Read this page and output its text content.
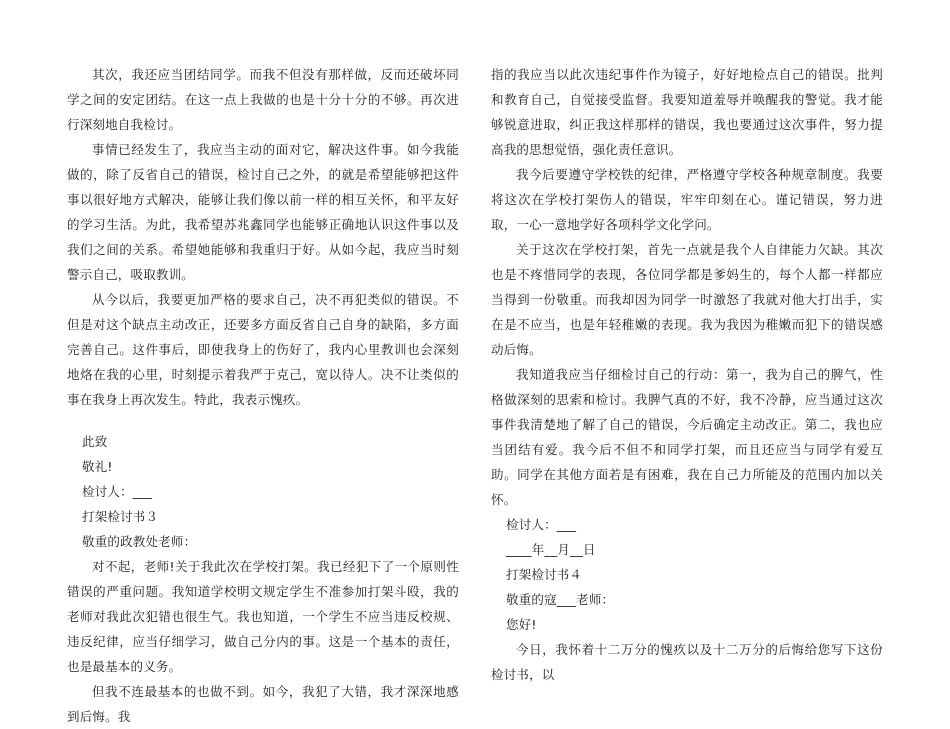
其次，我还应当团结同学。而我不但没有那样做，反而还破坏同学之间的安定团结。在这一点上我做的也是十分十分的不够。再次进行深刻地自我检讨。

事情已经发生了，我应当主动的面对它，解决这件事。如今我能做的，除了反省自己的错误，检讨自己之外，的就是希望能够把这件事以很好地方式解决，能够让我们像以前一样的相互关怀，和平友好的学习生活。为此，我希望苏兆鑫同学也能够正确地认识这件事以及我们之间的关系。希望她能够和我重归于好。从如今起，我应当时刻警示自己，吸取教训。

从今以后，我要更加严格的要求自己，决不再犯类似的错误。不但是对这个缺点主动改正，还要多方面反省自己自身的缺陷，多方面完善自己。这件事后，即使我身上的伤好了，我内心里教训也会深刻地烙在我的心里，时刻提示着我严于克己，宽以待人。决不让类似的事在我身上再次发生。特此，我表示愧疚。

此致

敬礼!

检讨人：___

打架检讨书３

敬重的政教处老师：

对不起，老师!关于我此次在学校打架。我已经犯下了一个原则性错误的严重问题。我知道学校明文规定学生不准参加打架斗殴，我的老师对我此次犯错也很生气。我也知道，一个学生不应当违反校规、违反纪律，应当仔细学习，做自己分内的事。这是一个基本的责任，也是最基本的义务。

但我不连最基本的也做不到。如今，我犯了大错，我才深深地感到后悔。我

指的我应当以此次违纪事件作为镜子，好好地检点自己的错误。批判和教育自己，自觉接受监督。我要知道羞辱并唤醒我的警觉。我才能够锐意进取，纠正我这样那样的错误，我也要通过这次事件，努力提高我的思想觉悟，强化责任意识。

我今后要遵守学校铁的纪律，严格遵守学校各种规章制度。我要将这次在学校打架伤人的错误，牢牢印刻在心。谨记错误，努力进取，一心一意地学好各项科学文化学问。

关于这次在学校打架，首先一点就是我个人自律能力欠缺。其次也是不疼惜同学的表现，各位同学都是爹妈生的，每个人都一样都应当得到一份敬重。而我却因为同学一时激怒了我就对他大打出手，实在是不应当，也是年轻稚嫩的表现。我为我因为稚嫩而犯下的错误感动后悔。

我知道我应当仔细检讨自己的行动：第一，我为自己的脾气，性格做深刻的思索和检讨。我脾气真的不好，我不冷静，应当通过这次事件我清楚地了解了自己的错误，今后确定主动改正。第二，我也应当团结有爱。我今后不但不和同学打架，而且还应当与同学有爱互助。同学在其他方面若是有困难，我在自己力所能及的范围内加以关怀。

检讨人：___

____年__月__日

打架检讨书４

敬重的寇___老师：

您好!

今日，我怀着十二万分的愧疚以及十二万分的后悔给您写下这份检讨书，以
